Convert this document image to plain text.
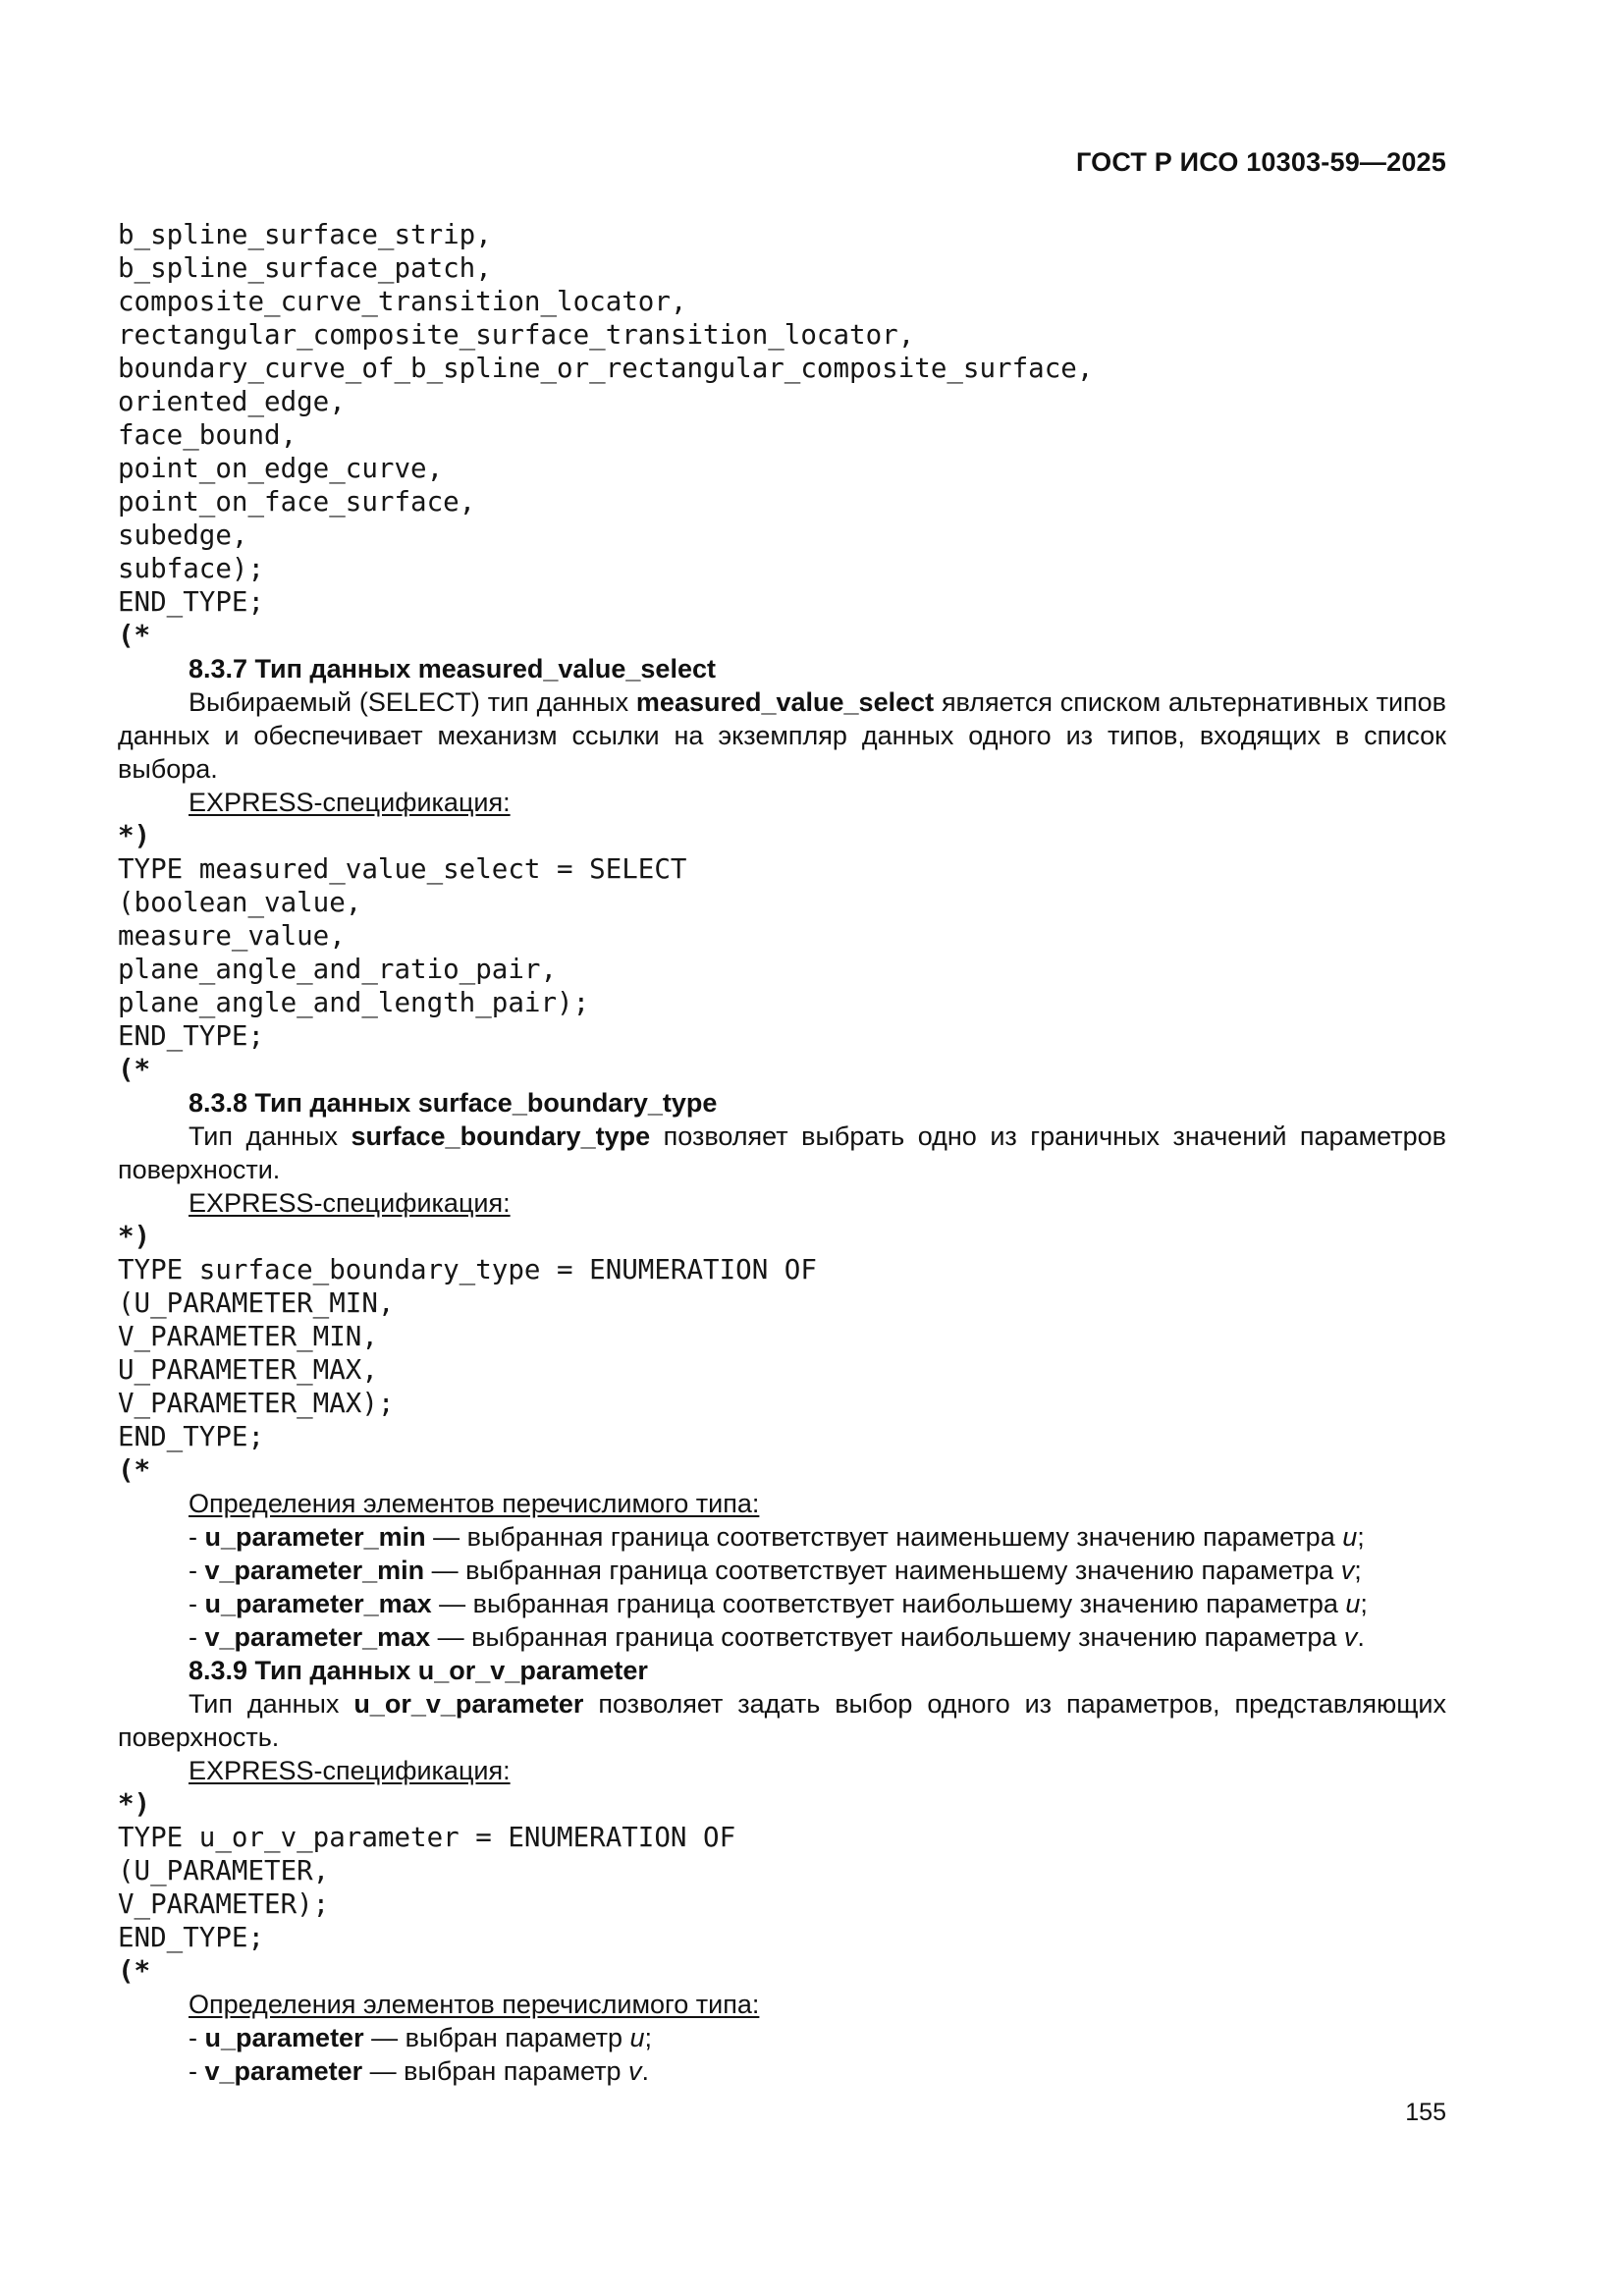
ГОСТ Р ИСО 10303-59—2025
b_spline_surface_strip,
b_spline_surface_patch,
composite_curve_transition_locator,
rectangular_composite_surface_transition_locator,
boundary_curve_of_b_spline_or_rectangular_composite_surface,
oriented_edge,
face_bound,
point_on_edge_curve,
point_on_face_surface,
subedge,
subface);
END_TYPE;
(*
8.3.7 Тип данных measured_value_select
Выбираемый (SELECT) тип данных measured_value_select является списком альтернативных типов данных и обеспечивает механизм ссылки на экземпляр данных одного из типов, входящих в список выбора.
EXPRESS-спецификация:
*)
TYPE measured_value_select = SELECT
(boolean_value,
measure_value,
plane_angle_and_ratio_pair,
plane_angle_and_length_pair);
END_TYPE;
(*
8.3.8 Тип данных surface_boundary_type
Тип данных surface_boundary_type позволяет выбрать одно из граничных значений параметров поверхности.
EXPRESS-спецификация:
*)
TYPE surface_boundary_type = ENUMERATION OF
(U_PARAMETER_MIN,
V_PARAMETER_MIN,
U_PARAMETER_MAX,
V_PARAMETER_MAX);
END_TYPE;
(*
Определения элементов перечислимого типа:
- u_parameter_min — выбранная граница соответствует наименьшему значению параметра u;
- v_parameter_min — выбранная граница соответствует наименьшему значению параметра v;
- u_parameter_max — выбранная граница соответствует наибольшему значению параметра u;
- v_parameter_max — выбранная граница соответствует наибольшему значению параметра v.
8.3.9 Тип данных u_or_v_parameter
Тип данных u_or_v_parameter позволяет задать выбор одного из параметров, представляющих поверхность.
EXPRESS-спецификация:
*)
TYPE u_or_v_parameter = ENUMERATION OF
(U_PARAMETER,
V_PARAMETER);
END_TYPE;
(*
Определения элементов перечислимого типа:
- u_parameter — выбран параметр u;
- v_parameter — выбран параметр v.
155
